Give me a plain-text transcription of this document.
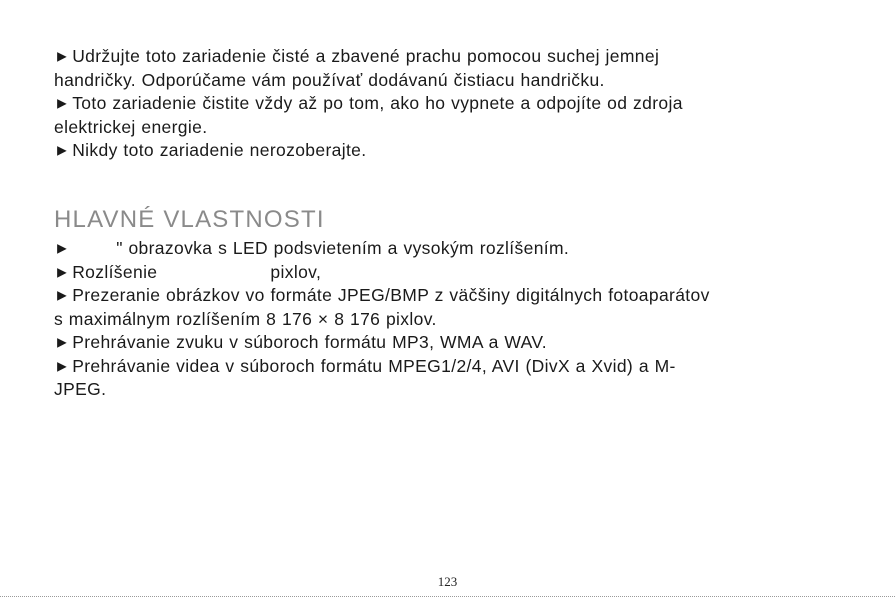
► Udržujte toto zariadenie čisté a zbavené prachu pomocou suchej jemnej
handričky. Odporúčame vám používať dodávanú čistiacu handričku.
► Toto zariadenie čistite vždy až po tom, ako ho vypnete a odpojíte od zdroja
elektrickej energie.
► Nikdy toto zariadenie nerozoberajte.
HLAVNÉ VLASTNOSTI
►	" obrazovka s LED podsvietením a vysokým rozlíšením.
► Rozlíšenie	pixlov,
► Prezeranie obrázkov vo formáte JPEG/BMP z väčšiny digitálnych fotoaparátov
s maximálnym rozlíšením 8 176 × 8 176 pixlov.
► Prehrávanie zvuku v súboroch formátu MP3, WMA a WAV.
► Prehrávanie videa v súboroch formátu MPEG1/2/4, AVI (DivX a Xvid) a M-
JPEG.
123
